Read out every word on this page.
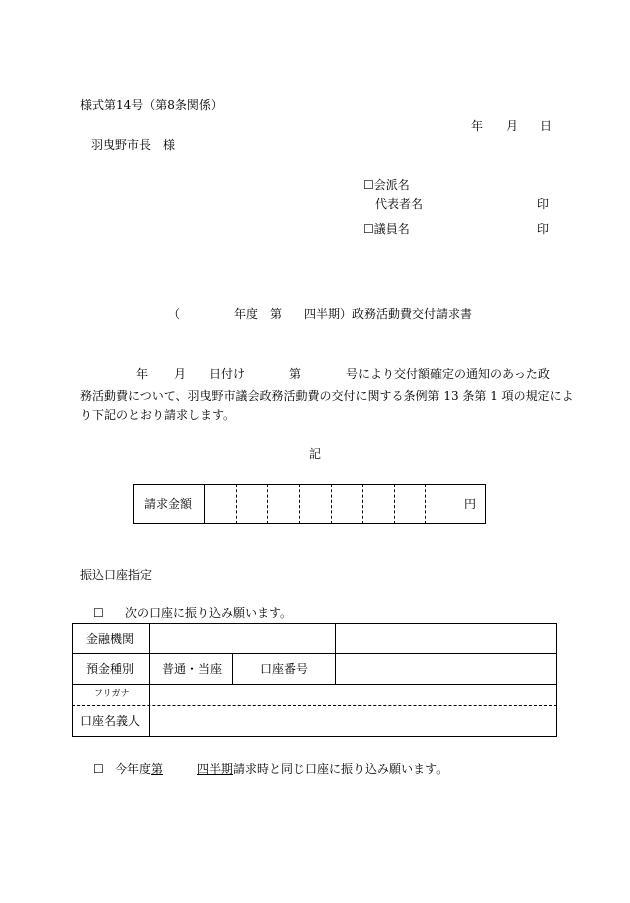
様式第14号（第8条関係）
年 月 日
羽曳野市長　様
☐会派名
代表者名	印
☐議員名	印
（	年度 第 四半期）政務活動費交付請求書
年 月 日付け	第	号により交付額確定の通知のあった政
務活動費について、羽曳野市議会政務活動費の交付に関する条例第 13 条第 1 項の規定によ
り下記のとおり請求します。
記
請求金額	円
振込口座指定
☐ 次の口座に振り込み願います。
金融機関
預金種別 普通・当座	口座番号
フリガナ
口座名義人
☐ 今年度第	四半期請求時と同じ口座に振り込み願います。
